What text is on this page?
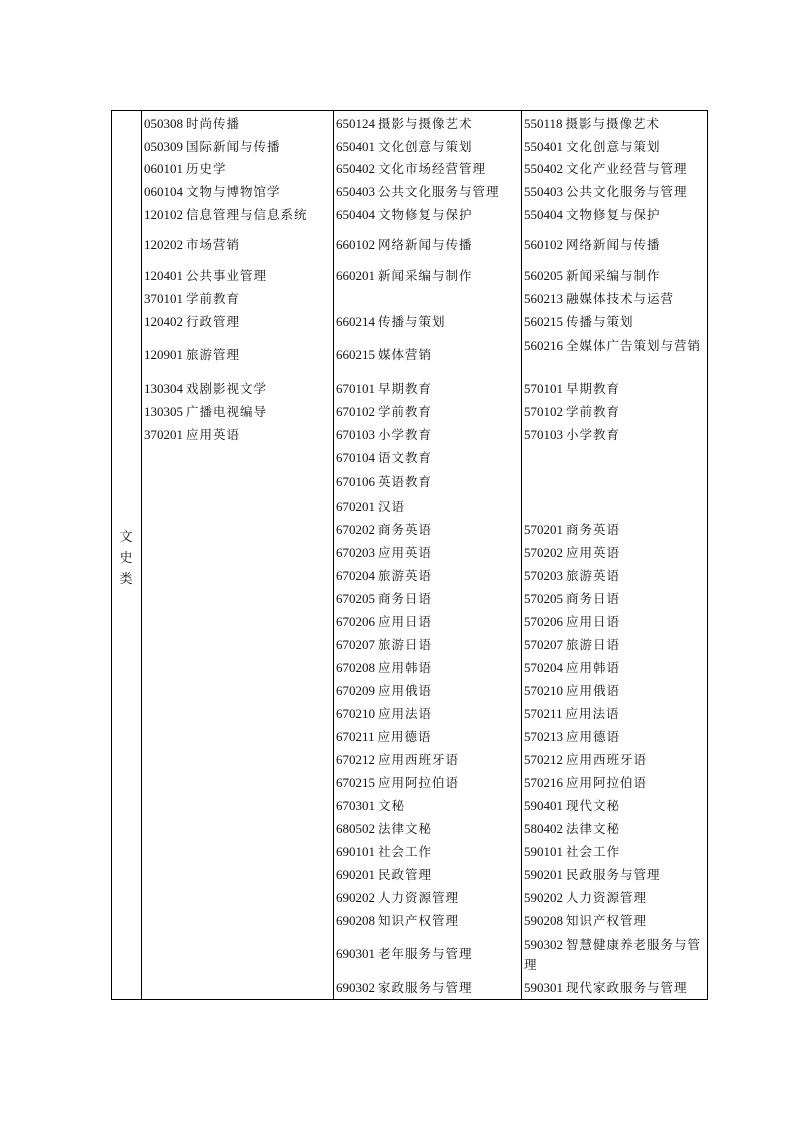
文
史
类
050308 时尚传播
050309 国际新闻与传播
060101 历史学
060104 文物与博物馆学
120102 信息管理与信息系统
120202 市场营销
120401 公共事业管理
370101 学前教育
120402 行政管理
120901 旅游管理
130304 戏剧影视文学
130305 广播电视编导
370201 应用英语
650124 摄影与摄像艺术
650401 文化创意与策划
650402 文化市场经营管理
650403 公共文化服务与管理
650404 文物修复与保护
660102 网络新闻与传播
660201 新闻采编与制作
660214 传播与策划
660215 媒体营销
670101 早期教育
670102 学前教育
670103 小学教育
670104 语文教育
670106 英语教育
670201 汉语
670202 商务英语
670203 应用英语
670204 旅游英语
670205 商务日语
670206 应用日语
670207 旅游日语
670208 应用韩语
670209 应用俄语
670210 应用法语
670211 应用德语
670212 应用西班牙语
670215 应用阿拉伯语
670301 文秘
680502 法律文秘
690101 社会工作
690201 民政管理
690202 人力资源管理
690208 知识产权管理
690301 老年服务与管理
690302 家政服务与管理
550118 摄影与摄像艺术
550401 文化创意与策划
550402 文化产业经营与管理
550403 公共文化服务与管理
550404 文物修复与保护
560102 网络新闻与传播
560205 新闻采编与制作
560213 融媒体技术与运营
560215 传播与策划
560216 全媒体广告策划与营销
570101 早期教育
570102 学前教育
570103 小学教育
570201 商务英语
570202 应用英语
570203 旅游英语
570205 商务日语
570206 应用日语
570207 旅游日语
570204 应用韩语
570210 应用俄语
570211 应用法语
570213 应用德语
570212 应用西班牙语
570216 应用阿拉伯语
590401 现代文秘
580402 法律文秘
590101 社会工作
590201 民政服务与管理
590202 人力资源管理
590208 知识产权管理
590302 智慧健康养老服务与管理
590301 现代家政服务与管理
